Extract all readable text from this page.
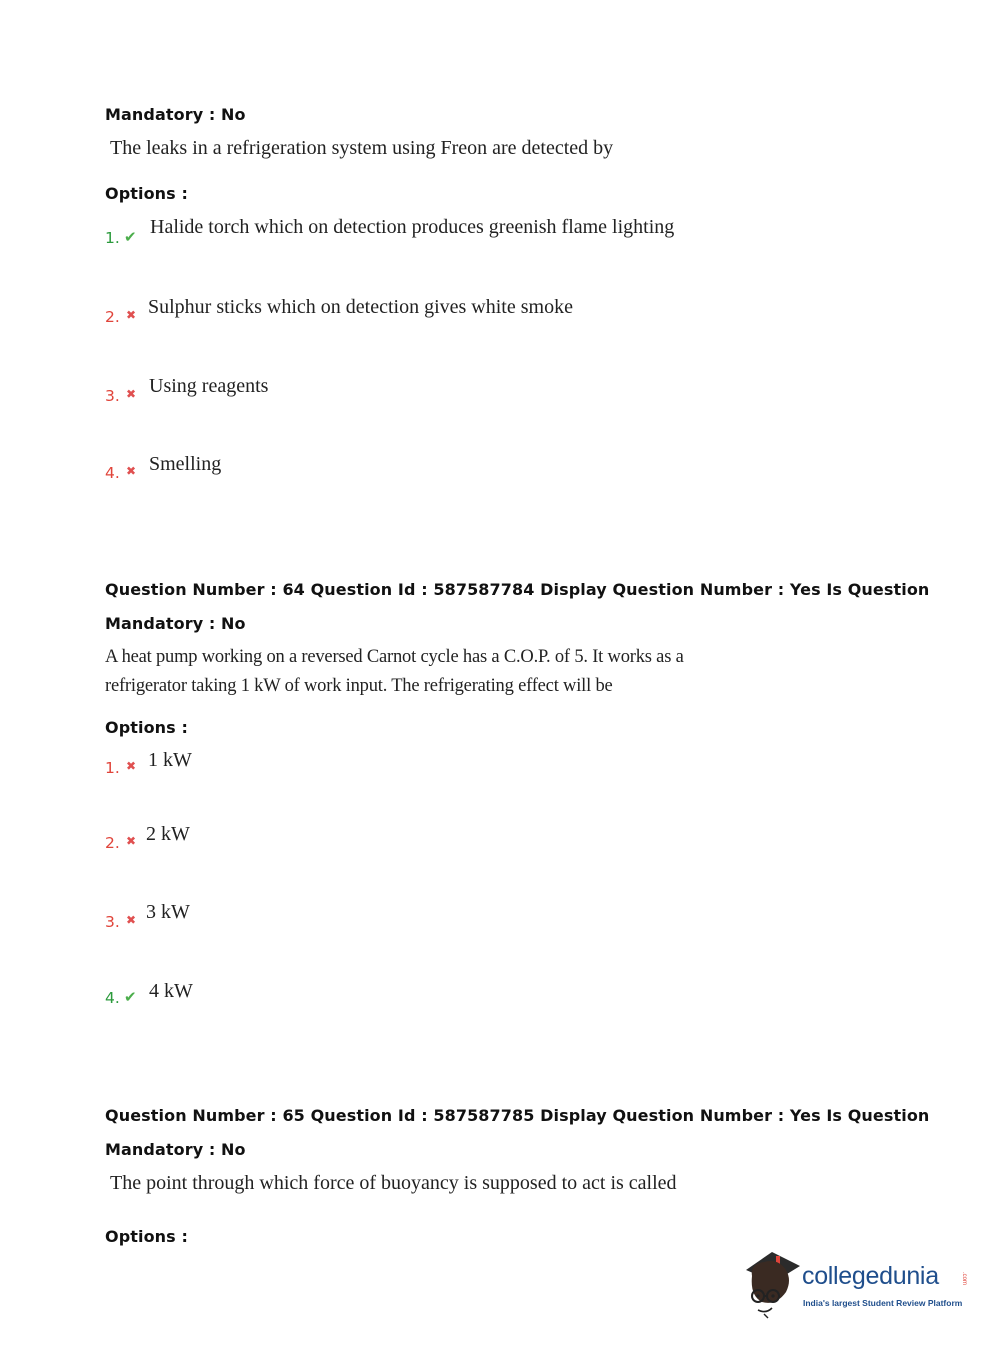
Mandatory : No
The leaks in a refrigeration system using Freon are detected by
Options :
1. ✔ Halide torch which on detection produces greenish flame lighting
2. ✖ Sulphur sticks which on detection gives white smoke
3. ✖ Using reagents
4. ✖ Smelling
Question Number : 64 Question Id : 587587784 Display Question Number : Yes Is Question
Mandatory : No
A heat pump working on a reversed Carnot cycle has a C.O.P. of 5. It works as a
refrigerator taking 1 kW of work input. The refrigerating effect will be
Options :
1. ✖ 1 kW
2. ✖ 2 kW
3. ✖ 3 kW
4. ✔ 4 kW
Question Number : 65 Question Id : 587587785 Display Question Number : Yes Is Question
Mandatory : No
The point through which force of buoyancy is supposed to act is called
Options :
collegedunia	.com
India's largest Student Review Platform
